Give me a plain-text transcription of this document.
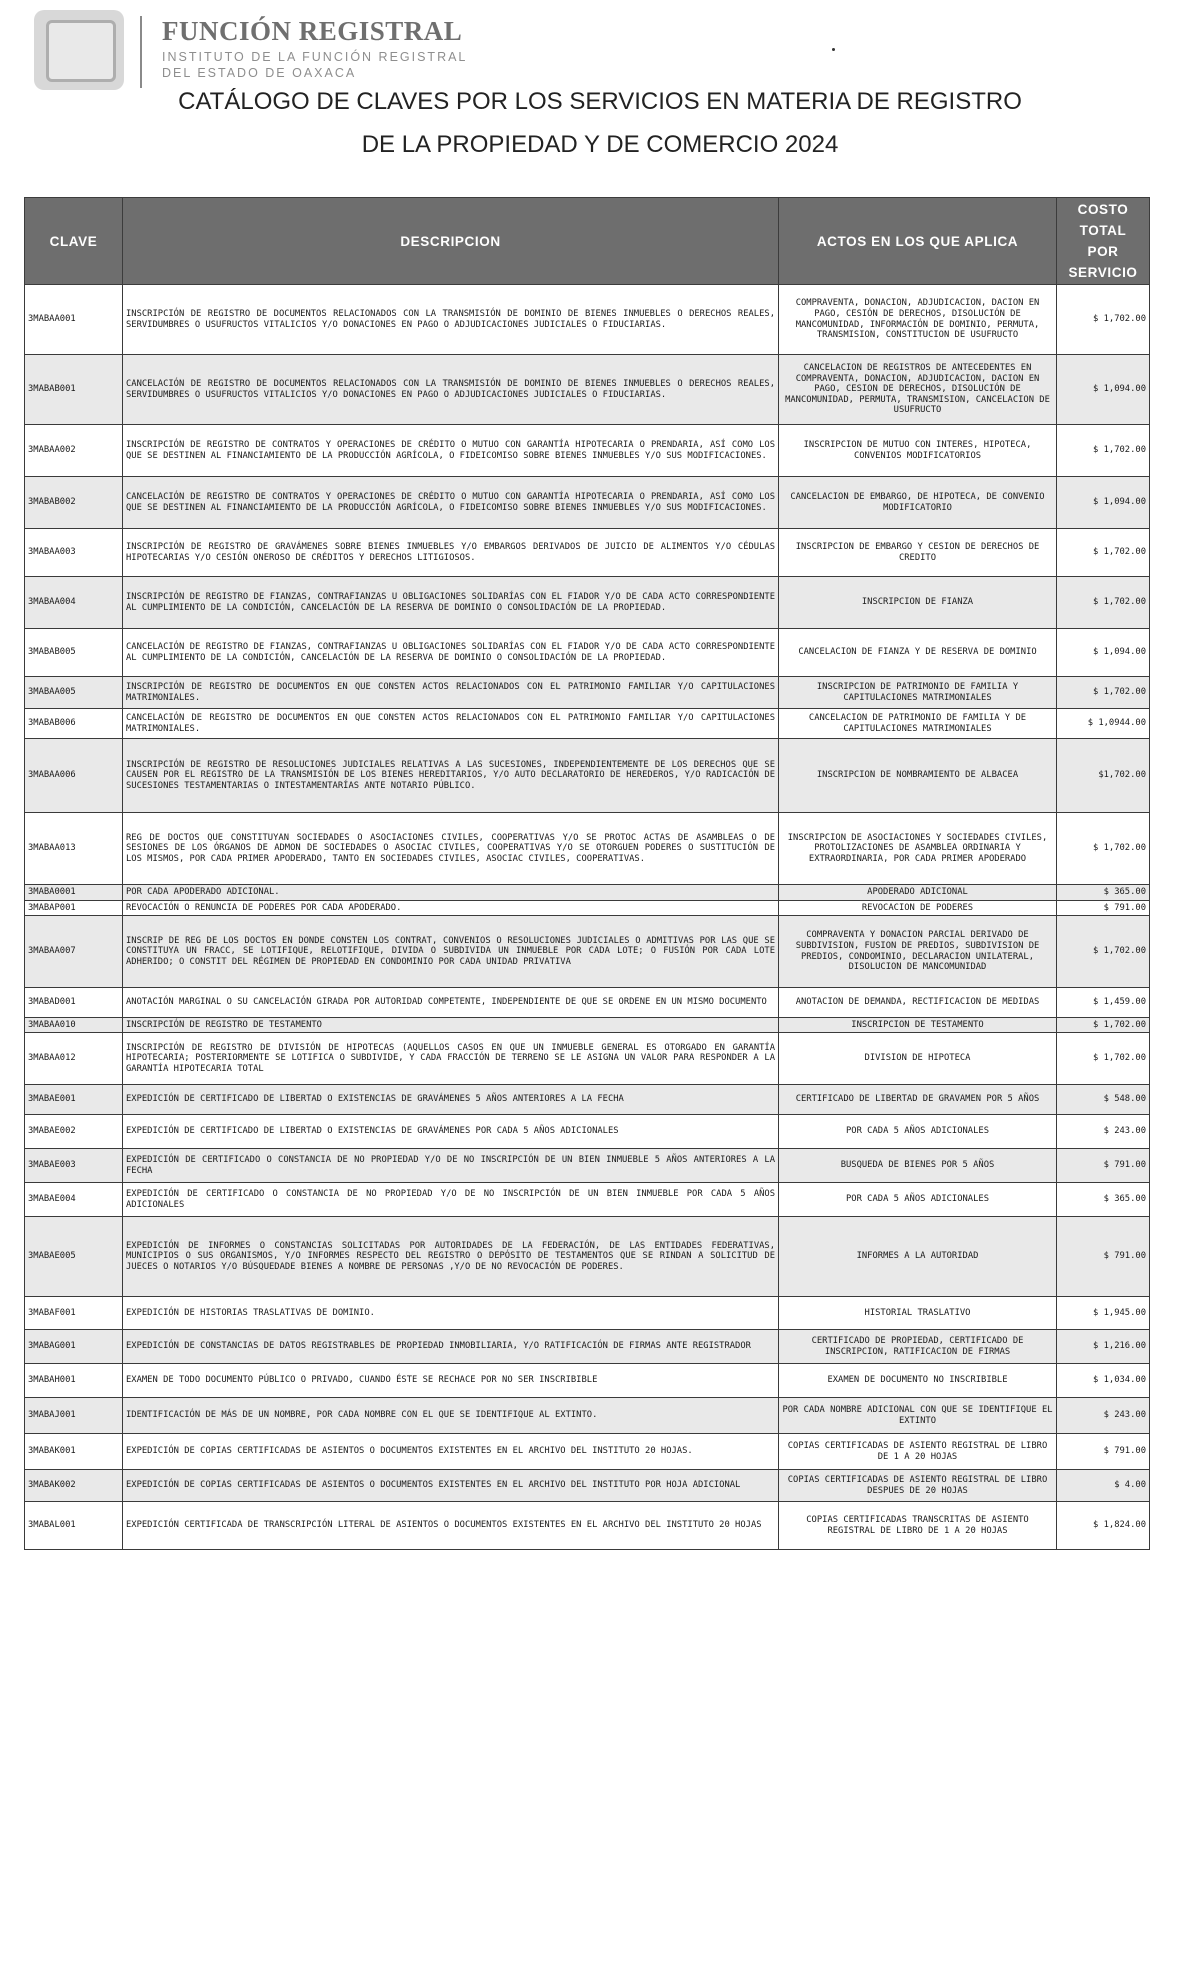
FUNCIÓN REGISTRAL
INSTITUTO DE LA FUNCIÓN REGISTRAL
DEL ESTADO DE OAXACA
CATÁLOGO DE CLAVES POR LOS SERVICIOS EN MATERIA DE REGISTRO
DE LA PROPIEDAD Y DE COMERCIO 2024
CLAVE	DESCRIPCION	ACTOS EN LOS QUE APLICA	COSTO
TOTAL
POR
SERVICIO

3MABAA001	INSCRIPCIÓN DE REGISTRO DE DOCUMENTOS RELACIONADOS CON LA TRANSMISIÓN DE DOMINIO DE BIENES INMUEBLES O DERECHOS REALES, SERVIDUMBRES O USUFRUCTOS VITALICIOS Y/O DONACIONES EN PAGO O ADJUDICACIONES JUDICIALES O FIDUCIARIAS.	COMPRAVENTA, DONACION, ADJUDICACION, DACION EN PAGO, CESIÓN DE DERECHOS, DISOLUCIÓN DE MANCOMUNIDAD, INFORMACIÓN DE DOMINIO, PERMUTA, TRANSMISION, CONSTITUCION DE USUFRUCTO	$ 1,702.00
3MABAB001	CANCELACIÓN DE REGISTRO DE DOCUMENTOS RELACIONADOS CON LA TRANSMISIÓN DE DOMINIO DE BIENES INMUEBLES O DERECHOS REALES, SERVIDUMBRES O USUFRUCTOS VITALICIOS Y/O DONACIONES EN PAGO O ADJUDICACIONES JUDICIALES O FIDUCIARIAS.	CANCELACION DE REGISTROS DE ANTECEDENTES EN COMPRAVENTA, DONACION, ADJUDICACION, DACION EN PAGO, CESION DE DERECHOS, DISOLUCIÓN DE MANCOMUNIDAD, PERMUTA, TRANSMISION, CANCELACION DE USUFRUCTO	$ 1,094.00
3MABAA002	INSCRIPCIÓN DE REGISTRO DE CONTRATOS Y OPERACIONES DE CRÉDITO O MUTUO CON GARANTÍA HIPOTECARIA O PRENDARIA, ASÍ COMO LOS QUE SE DESTINEN AL FINANCIAMIENTO DE LA PRODUCCIÓN AGRÍCOLA, O FIDEICOMISO SOBRE BIENES INMUEBLES Y/O SUS MODIFICACIONES.	INSCRIPCION DE MUTUO CON INTERES, HIPOTECA, CONVENIOS MODIFICATORIOS	$ 1,702.00
3MABAB002	CANCELACIÓN DE REGISTRO DE CONTRATOS Y OPERACIONES DE CRÉDITO O MUTUO CON GARANTÍA HIPOTECARIA O PRENDARIA, ASÍ COMO LOS QUE SE DESTINEN AL FINANCIAMIENTO DE LA PRODUCCIÓN AGRÍCOLA, O FIDEICOMISO SOBRE BIENES INMUEBLES Y/O SUS MODIFICACIONES.	CANCELACION DE EMBARGO, DE HIPOTECA, DE CONVENIO MODIFICATORIO	$ 1,094.00
3MABAA003	INSCRIPCIÓN DE REGISTRO DE GRAVÁMENES SOBRE BIENES INMUEBLES Y/O EMBARGOS DERIVADOS DE JUICIO DE ALIMENTOS Y/O CÉDULAS HIPOTECARIAS Y/O CESIÓN ONEROSO DE CRÉDITOS Y DERECHOS LITIGIOSOS.	INSCRIPCION DE EMBARGO Y CESION DE DERECHOS DE CREDITO	$ 1,702.00
3MABAA004	INSCRIPCIÓN DE REGISTRO DE FIANZAS, CONTRAFIANZAS U OBLIGACIONES SOLIDARÍAS CON EL FIADOR Y/O DE CADA ACTO CORRESPONDIENTE AL CUMPLIMIENTO DE LA CONDICIÓN, CANCELACIÓN DE LA RESERVA DE DOMINIO O CONSOLIDACIÓN DE LA PROPIEDAD.	INSCRIPCION DE FIANZA	$ 1,702.00
3MABAB005	CANCELACIÓN DE REGISTRO DE FIANZAS, CONTRAFIANZAS U OBLIGACIONES SOLIDARÍAS CON EL FIADOR Y/O DE CADA ACTO CORRESPONDIENTE AL CUMPLIMIENTO DE LA CONDICIÓN, CANCELACIÓN DE LA RESERVA DE DOMINIO O CONSOLIDACIÓN DE LA PROPIEDAD.	CANCELACION DE FIANZA Y DE RESERVA DE DOMINIO	$ 1,094.00
3MABAA005	INSCRIPCIÓN DE REGISTRO DE DOCUMENTOS EN QUE CONSTEN ACTOS RELACIONADOS CON EL PATRIMONIO FAMILIAR Y/O CAPITULACIONES MATRIMONIALES.	INSCRIPCION DE PATRIMONIO DE FAMILIA Y CAPITULACIONES MATRIMONIALES	$ 1,702.00
3MABAB006	CANCELACIÓN DE REGISTRO DE DOCUMENTOS EN QUE CONSTEN ACTOS RELACIONADOS CON EL PATRIMONIO FAMILIAR Y/O CAPITULACIONES MATRIMONIALES.	CANCELACION DE PATRIMONIO DE FAMILIA Y DE CAPITULACIONES MATRIMONIALES	$ 1,0944.00
3MABAA006	INSCRIPCIÓN DE REGISTRO DE RESOLUCIONES JUDICIALES RELATIVAS A LAS SUCESIONES, INDEPENDIENTEMENTE DE LOS DERECHOS QUE SE CAUSEN POR EL REGISTRO DE LA TRANSMISIÓN DE LOS BIENES HEREDITARIOS, Y/O AUTO DECLARATORIO DE HEREDEROS, Y/O RADICACIÓN DE SUCESIONES TESTAMENTARIAS O INTESTAMENTARÍAS ANTE NOTARIO PÚBLICO.	INSCRIPCION DE NOMBRAMIENTO DE ALBACEA	$1,702.00
3MABAA013	REG DE DOCTOS QUE CONSTITUYAN SOCIEDADES O ASOCIACIONES CIVILES, COOPERATIVAS Y/O SE PROTOC ACTAS DE ASAMBLEAS O DE SESIONES DE LOS ÓRGANOS DE ADMON DE SOCIEDADES O ASOCIAC CIVILES, COOPERATIVAS Y/O SE OTORGUEN PODERES O SUSTITUCIÓN DE LOS MISMOS, POR CADA PRIMER APODERADO, TANTO EN SOCIEDADES CIVILES, ASOCIAC CIVILES, COOPERATIVAS.	INSCRIPCION DE ASOCIACIONES Y SOCIEDADES CIVILES, PROTOLIZACIONES DE ASAMBLEA ORDINARIA Y EXTRAORDINARIA, POR CADA PRIMER APODERADO	$ 1,702.00
3MABA0001	POR CADA APODERADO ADICIONAL.	APODERADO ADICIONAL	$ 365.00
3MABAP001	REVOCACIÓN O RENUNCIA DE PODERES POR CADA APODERADO.	REVOCACION DE PODERES	$ 791.00
3MABAA007	INSCRIP DE REG DE LOS DOCTOS EN DONDE CONSTEN LOS CONTRAT, CONVENIOS O RESOLUCIONES JUDICIALES O ADMITIVAS POR LAS QUE SE CONSTITUYA UN FRACC, SE LOTIFIQUE, RELOTIFIQUE, DIVIDA O SUBDIVIDA UN INMUEBLE POR CADA LOTE; O FUSIÓN POR CADA LOTE ADHERIDO; O CONSTIT DEL RÉGIMEN DE PROPIEDAD EN CONDOMINIO POR CADA UNIDAD PRIVATIVA	COMPRAVENTA Y DONACION PARCIAL DERIVADO DE SUBDIVISION, FUSION DE PREDIOS, SUBDIVISION DE PREDIOS, CONDOMINIO, DECLARACION UNILATERAL, DISOLUCION DE MANCOMUNIDAD	$ 1,702.00
3MABAD001	ANOTACIÓN MARGINAL O SU CANCELACIÓN GIRADA POR AUTORIDAD COMPETENTE, INDEPENDIENTE DE QUE SE ORDENE EN UN MISMO DOCUMENTO	ANOTACION DE DEMANDA, RECTIFICACION DE MEDIDAS	$ 1,459.00
3MABAA010	INSCRIPCIÓN DE REGISTRO DE TESTAMENTO	INSCRIPCION DE TESTAMENTO	$ 1,702.00
3MABAA012	INSCRIPCIÓN DE REGISTRO DE DIVISIÓN DE HIPOTECAS (AQUELLOS CASOS EN QUE UN INMUEBLE GENERAL ES OTORGADO EN GARANTÍA HIPOTECARIA; POSTERIORMENTE SE LOTIFICA O SUBDIVIDE, Y CADA FRACCIÓN DE TERRENO SE LE ASIGNA UN VALOR PARA RESPONDER A LA GARANTÍA HIPOTECARIA TOTAL	DIVISION DE HIPOTECA	$ 1,702.00
3MABAE001	EXPEDICIÓN DE CERTIFICADO DE LIBERTAD O EXISTENCIAS DE GRAVÁMENES 5 AÑOS ANTERIORES A LA FECHA	CERTIFICADO DE LIBERTAD DE GRAVAMEN POR 5 AÑOS	$ 548.00
3MABAE002	EXPEDICIÓN DE CERTIFICADO DE LIBERTAD O EXISTENCIAS DE GRAVÁMENES POR CADA 5 AÑOS ADICIONALES	POR CADA 5 AÑOS ADICIONALES	$ 243.00
3MABAE003	EXPEDICIÓN DE CERTIFICADO O CONSTANCIA DE NO PROPIEDAD Y/O DE NO INSCRIPCIÓN DE UN BIEN INMUEBLE 5 AÑOS ANTERIORES A LA FECHA	BUSQUEDA DE BIENES POR 5 AÑOS	$ 791.00
3MABAE004	EXPEDICIÓN DE CERTIFICADO O CONSTANCIA DE NO PROPIEDAD Y/O DE NO INSCRIPCIÓN DE UN BIEN INMUEBLE POR CADA 5 AÑOS ADICIONALES	POR CADA 5 AÑOS ADICIONALES	$ 365.00
3MABAE005	EXPEDICIÓN DE INFORMES O CONSTANCIAS SOLICITADAS POR AUTORIDADES DE LA FEDERACIÓN, DE LAS ENTIDADES FEDERATIVAS, MUNICIPIOS O SUS ORGANISMOS, Y/O INFORMES RESPECTO DEL REGISTRO O DEPÓSITO DE TESTAMENTOS QUE SE RINDAN A SOLICITUD DE JUECES O NOTARIOS Y/O BÚSQUEDADE BIENES A NOMBRE DE PERSONAS ,Y/O DE NO REVOCACIÓN DE PODERES.	INFORMES A LA AUTORIDAD	$ 791.00
3MABAF001	EXPEDICIÓN DE HISTORIAS TRASLATIVAS DE DOMINIO.	HISTORIAL TRASLATIVO	$ 1,945.00
3MABAG001	EXPEDICIÓN DE CONSTANCIAS DE DATOS REGISTRABLES DE PROPIEDAD INMOBILIARIA, Y/O RATIFICACIÓN DE FIRMAS ANTE REGISTRADOR	CERTIFICADO DE PROPIEDAD, CERTIFICADO DE INSCRIPCION, RATIFICACION DE FIRMAS	$ 1,216.00
3MABAH001	EXAMEN DE TODO DOCUMENTO PÚBLICO O PRIVADO, CUANDO ÉSTE SE RECHACE POR NO SER INSCRIBIBLE	EXAMEN DE DOCUMENTO NO INSCRIBIBLE	$ 1,034.00
3MABAJ001	IDENTIFICACIÓN DE MÁS DE UN NOMBRE, POR CADA NOMBRE CON EL QUE SE IDENTIFIQUE AL EXTINTO.	POR CADA NOMBRE ADICIONAL CON QUE SE IDENTIFIQUE EL EXTINTO	$ 243.00
3MABAK001	EXPEDICIÓN DE COPIAS CERTIFICADAS DE ASIENTOS O DOCUMENTOS EXISTENTES EN EL ARCHIVO DEL INSTITUTO 20 HOJAS.	COPIAS CERTIFICADAS DE ASIENTO REGISTRAL DE LIBRO DE 1 A 20 HOJAS	$ 791.00
3MABAK002	EXPEDICIÓN DE COPIAS CERTIFICADAS DE ASIENTOS O DOCUMENTOS EXISTENTES EN EL ARCHIVO DEL INSTITUTO POR HOJA ADICIONAL	COPIAS CERTIFICADAS DE ASIENTO REGISTRAL DE LIBRO DESPUES DE 20 HOJAS	$ 4.00
3MABAL001	EXPEDICIÓN CERTIFICADA DE TRANSCRIPCIÓN LITERAL DE ASIENTOS O DOCUMENTOS EXISTENTES EN EL ARCHIVO DEL INSTITUTO 20 HOJAS	COPIAS CERTIFICADAS TRANSCRITAS DE ASIENTO REGISTRAL DE LIBRO DE 1 A 20 HOJAS	$ 1,824.00
